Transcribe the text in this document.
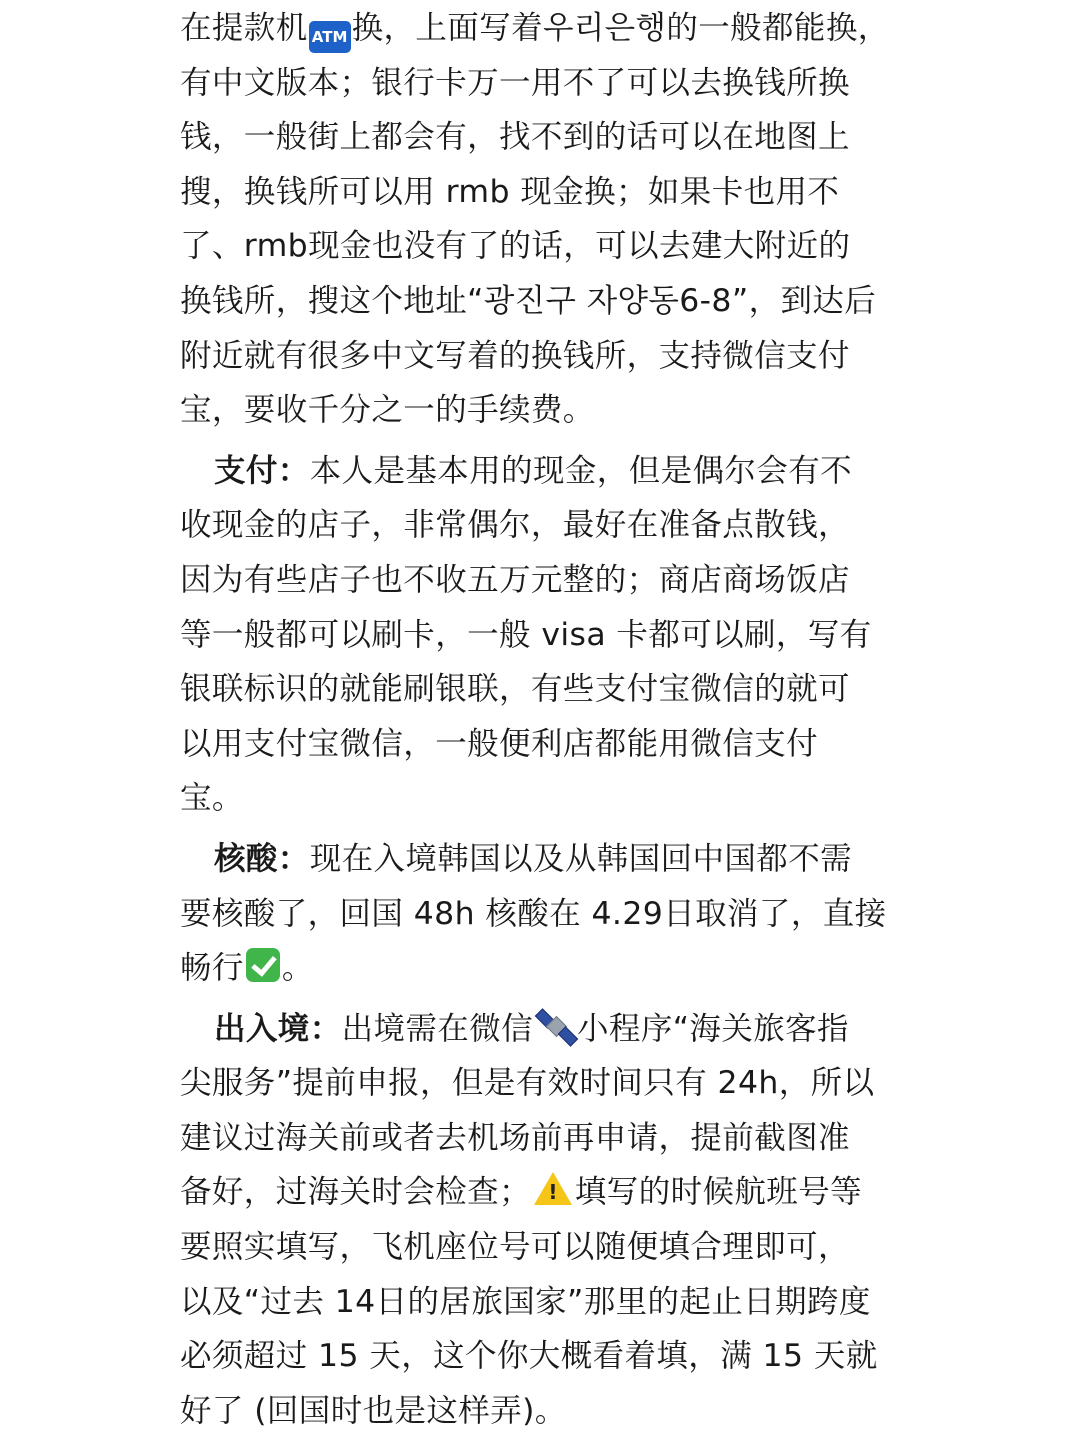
在提款机 ATM 换，上面写着우리은행的一般都能换，
有中文版本；银行卡万一用不了可以去换钱所换
钱，一般街上都会有，找不到的话可以在地图上
搜，换钱所可以用 rmb 现金换；如果卡也用不
了、rmb现金也没有了的话，可以去建大附近的
换钱所，搜这个地址“광진구 자양동6-8”，到达后
附近就有很多中文写着的换钱所，支持微信支付
宝，要收千分之一的手续费。
支付：本人是基本用的现金，但是偶尔会有不
收现金的店子，非常偶尔，最好在准备点散钱，
因为有些店子也不收五万元整的；商店商场饭店
等一般都可以刷卡，一般 visa 卡都可以刷，写有
银联标识的就能刷银联，有些支付宝微信的就可
以用支付宝微信，一般便利店都能用微信支付
宝。
核酸：现在入境韩国以及从韩国回中国都不需
要核酸了，回国 48h 核酸在 4.29日取消了，直接
畅行 。
出入境：出境需在微信 小程序“海关旅客指
尖服务”提前申报，但是有效时间只有 24h，所以
建议过海关前或者去机场前再申请，提前截图准
备好，过海关时会检查； ! 填写的时候航班号等
要照实填写，飞机座位号可以随便填合理即可，
以及“过去 14日的居旅国家”那里的起止日期跨度
必须超过 15 天，这个你大概看着填，满 15 天就
好了 (回国时也是这样弄)。
